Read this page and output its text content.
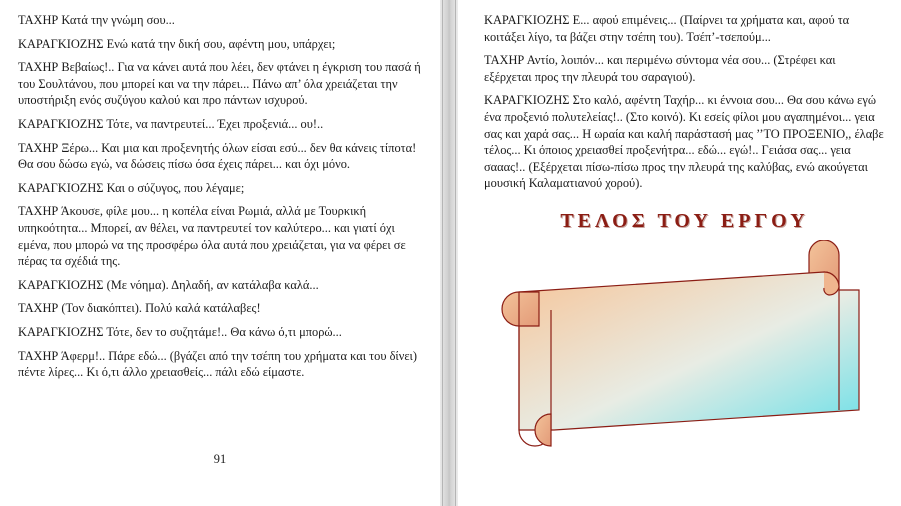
ΤΑΧΗΡ Κατά την γνώμη σου...

ΚΑΡΑΓΚΙΟΖΗΣ Ενώ κατά την δική σου, αφέντη μου, υπάρχει;

ΤΑΧΗΡ Βεβαίως!.. Για να κάνει αυτά που λέει, δεν φτάνει η έγκριση του πασά ή του Σουλτάνου, που μπορεί και να την πάρει... Πάνω απ’ όλα χρειάζεται την υποστήριξη ενός συζύγου καλού και προ πάντων ισχυρού.

ΚΑΡΑΓΚΙΟΖΗΣ Τότε, να παντρευτεί... Έχει προξενιά... ου!..

ΤΑΧΗΡ Ξέρω... Και μια και προξενητής όλων είσαι εσύ... δεν θα κάνεις τίποτα! Θα σου δώσω εγώ, να δώσεις πίσω όσα έχεις πάρει... και όχι μόνο.

ΚΑΡΑΓΚΙΟΖΗΣ Και ο σύζυγος, που λέγαμε;

ΤΑΧΗΡ Άκουσε, φίλε μου... η κοπέλα είναι Ρωμιά, αλλά με Τουρκική υπηκοότητα... Μπορεί, αν θέλει, να παντρευτεί τον καλύτερο... και γιατί όχι εμένα, που μπορώ να της προσφέρω όλα αυτά που χρειάζεται, για να φέρει σε πέρας τα σχέδιά της.

ΚΑΡΑΓΚΙΟΖΗΣ (Με νόημα). Δηλαδή, αν κατάλαβα καλά...

ΤΑΧΗΡ (Τον διακόπτει). Πολύ καλά κατάλαβες!

ΚΑΡΑΓΚΙΟΖΗΣ Τότε, δεν το συζητάμε!.. Θα κάνω ό,τι μπορώ...

ΤΑΧΗΡ Άφερμ!.. Πάρε εδώ... (βγάζει από την τσέπη του χρήματα και του δίνει) πέντε λίρες... Κι ό,τι άλλο χρειασθείς... πάλι εδώ είμαστε.

91

ΚΑΡΑΓΚΙΟΖΗΣ Ε... αφού επιμένεις... (Παίρνει τα χρήματα και, αφού τα κοιτάξει λίγο, τα βάζει στην τσέπη του). Τσέπ’-τσεπούμ...

ΤΑΧΗΡ Αντίο, λοιπόν... και περιμένω σύντομα νέα σου... (Στρέφει και εξέρχεται προς την πλευρά του σαραγιού).

ΚΑΡΑΓΚΙΟΖΗΣ Στο καλό, αφέντη Ταχήρ... κι έννοια σου... Θα σου κάνω εγώ ένα προξενιό πολυτελείας!.. (Στο κοινό). Κι εσείς φίλοι μου αγαπημένοι... γεια σας και χαρά σας... Η ωραία και καλή παράστασή μας ’’ΤΟ ΠΡΟΞΕΝΙΟ,, έλαβε τέλος... Κι όποιος χρειασθεί προξενήτρα... εδώ... εγώ!.. Γειάσα σας... γεια σααας!.. (Εξέρχεται πίσω-πίσω προς την πλευρά της καλύβας, ενώ ακούγεται μουσική Καλαματιανού χορού).

ΤΕΛΟΣ ΤΟΥ ΕΡΓΟΥ
